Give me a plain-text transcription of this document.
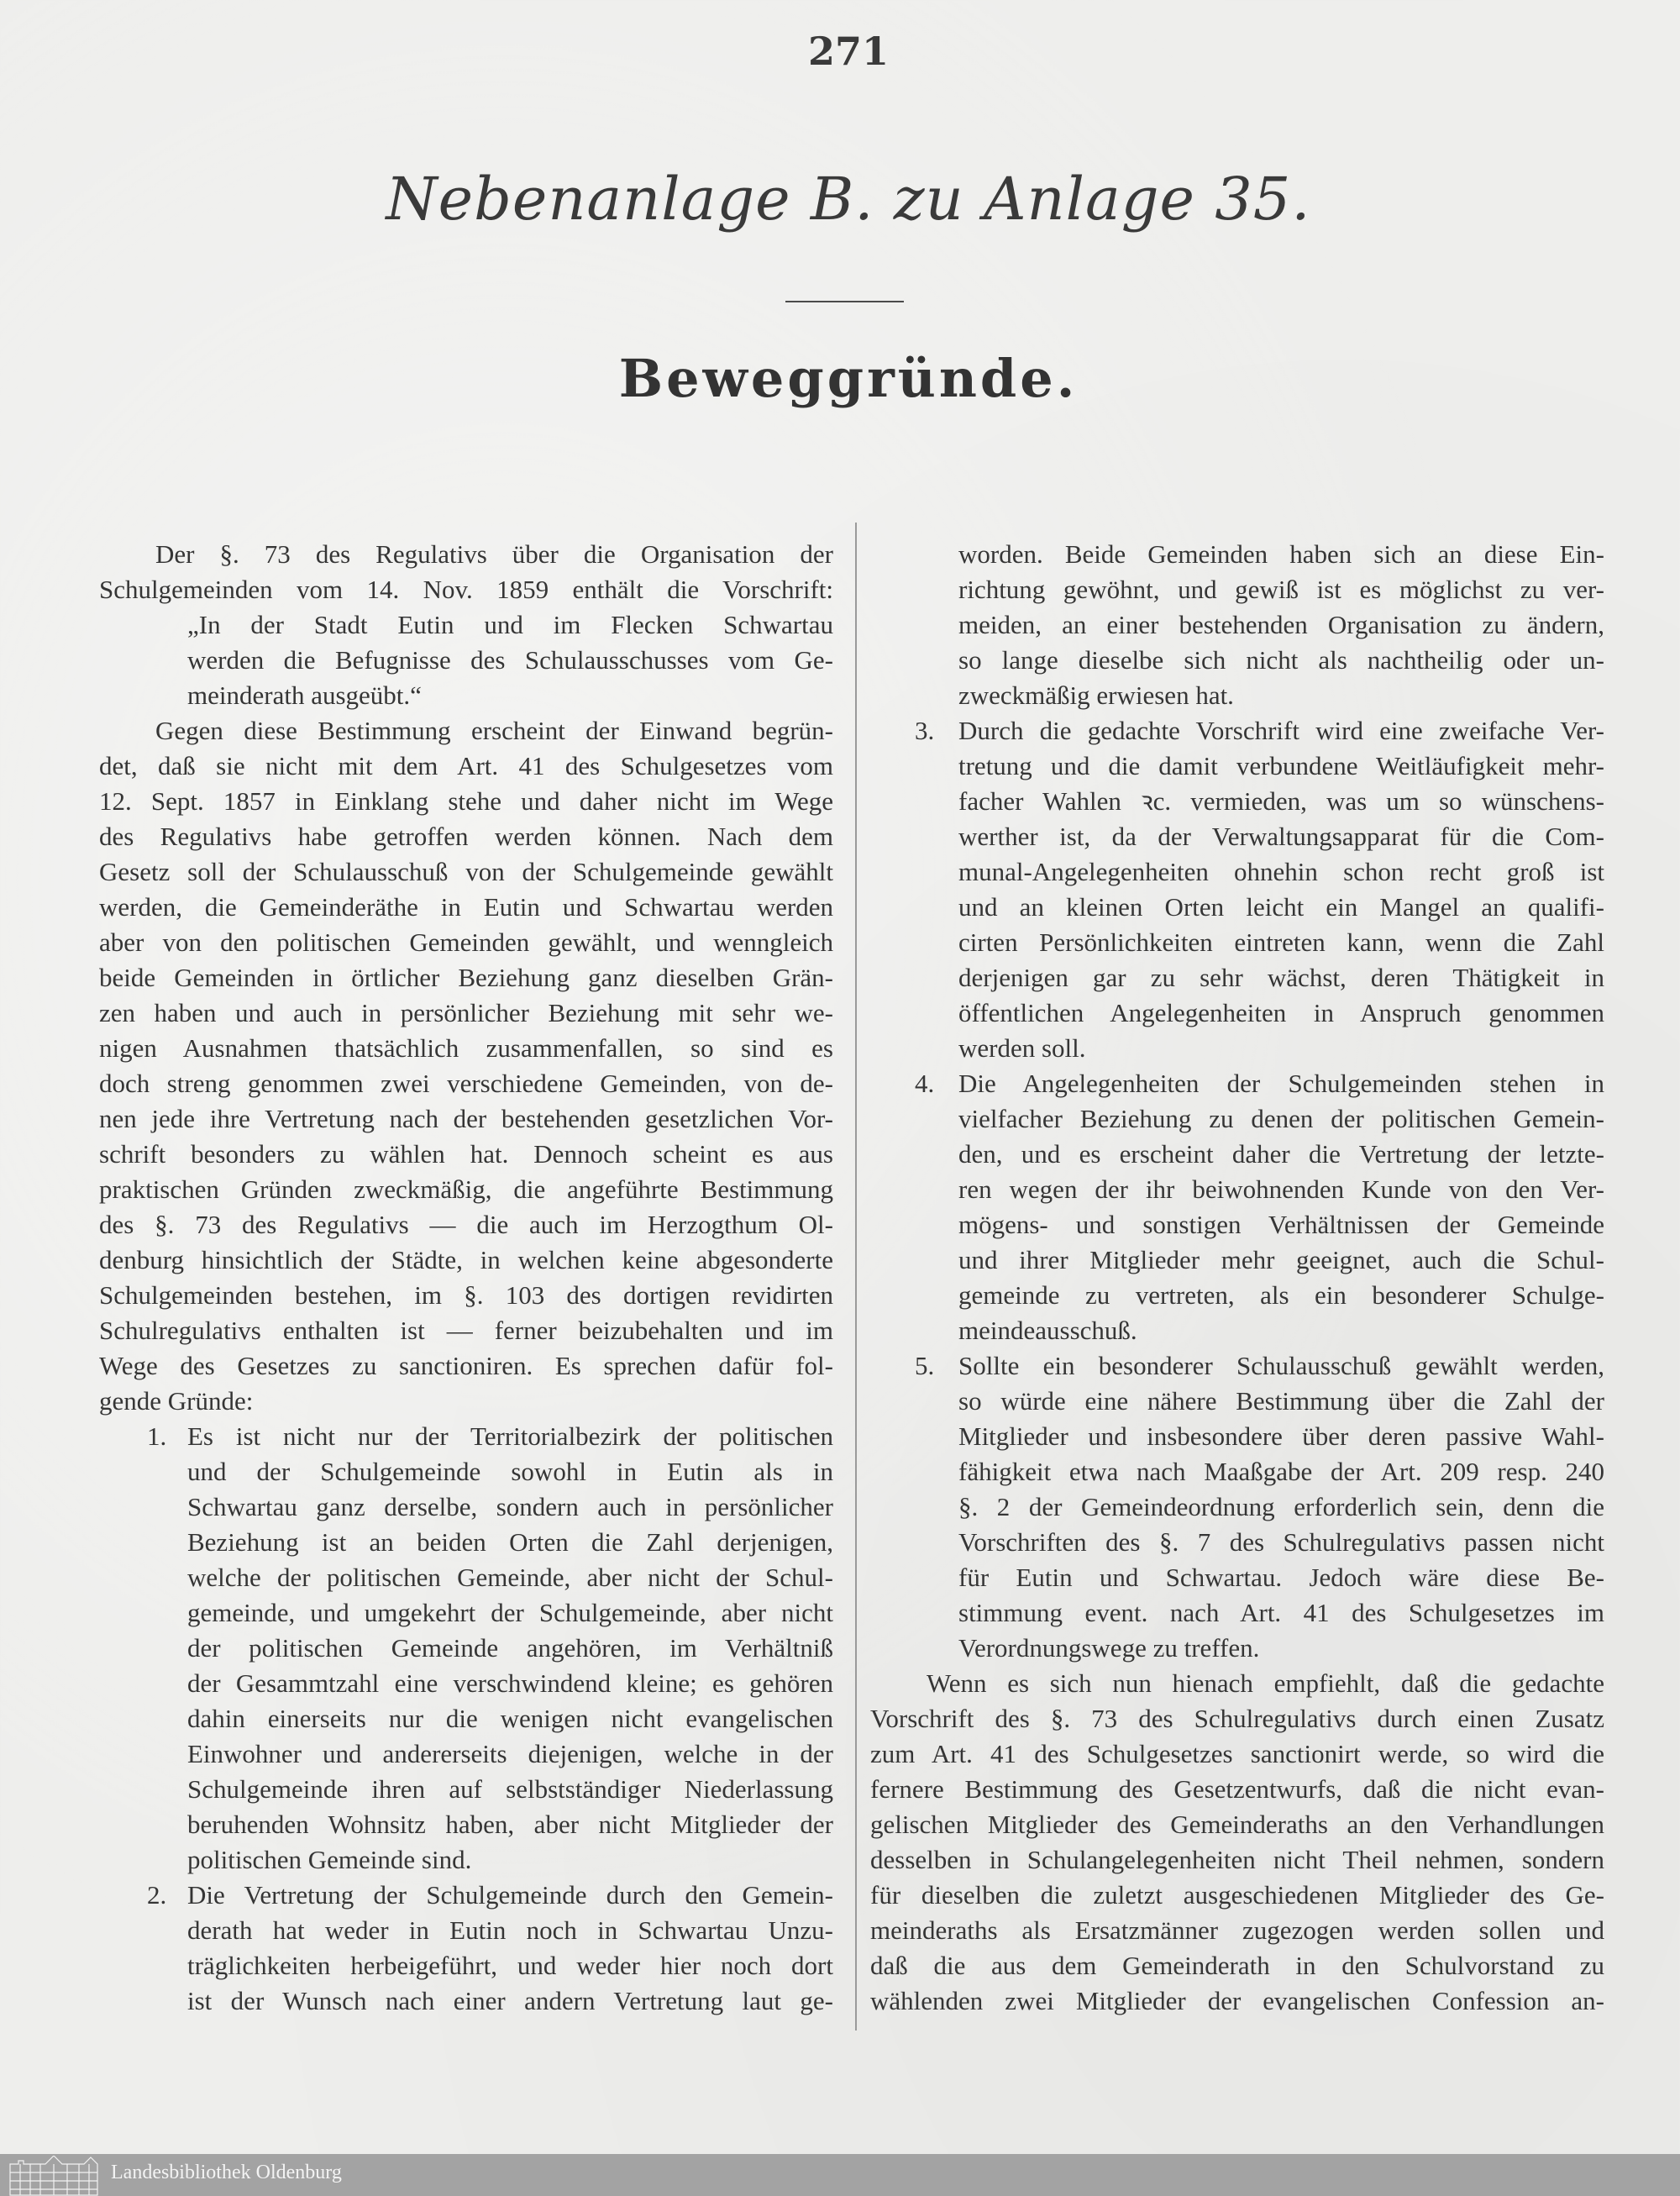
271
Nebenanlage B. zu Anlage 35.
Beweggründe.
Der §. 73 des Regulativs über die Organisation der
Schulgemeinden vom 14. Nov. 1859 enthält die Vorschrift:
„In der Stadt Eutin und im Flecken Schwartau
werden die Befugnisse des Schulausschusses vom Ge-
meinderath ausgeübt.“
Gegen diese Bestimmung erscheint der Einwand begrün-
det, daß sie nicht mit dem Art. 41 des Schulgesetzes vom
12. Sept. 1857 in Einklang stehe und daher nicht im Wege
des Regulativs habe getroffen werden können. Nach dem
Gesetz soll der Schulausschuß von der Schulgemeinde gewählt
werden, die Gemeinderäthe in Eutin und Schwartau werden
aber von den politischen Gemeinden gewählt, und wenngleich
beide Gemeinden in örtlicher Beziehung ganz dieselben Grän-
zen haben und auch in persönlicher Beziehung mit sehr we-
nigen Ausnahmen thatsächlich zusammenfallen, so sind es
doch streng genommen zwei verschiedene Gemeinden, von de-
nen jede ihre Vertretung nach der bestehenden gesetzlichen Vor-
schrift besonders zu wählen hat. Dennoch scheint es aus
praktischen Gründen zweckmäßig, die angeführte Bestimmung
des §. 73 des Regulativs — die auch im Herzogthum Ol-
denburg hinsichtlich der Städte, in welchen keine abgesonderte
Schulgemeinden bestehen, im §. 103 des dortigen revidirten
Schulregulativs enthalten ist — ferner beizubehalten und im
Wege des Gesetzes zu sanctioniren. Es sprechen dafür fol-
gende Gründe:
1. Es ist nicht nur der Territorialbezirk der politischen
und der Schulgemeinde sowohl in Eutin als in
Schwartau ganz derselbe, sondern auch in persönlicher
Beziehung ist an beiden Orten die Zahl derjenigen,
welche der politischen Gemeinde, aber nicht der Schul-
gemeinde, und umgekehrt der Schulgemeinde, aber nicht
der politischen Gemeinde angehören, im Verhältniß
der Gesammtzahl eine verschwindend kleine; es gehören
dahin einerseits nur die wenigen nicht evangelischen
Einwohner und andererseits diejenigen, welche in der
Schulgemeinde ihren auf selbstständiger Niederlassung
beruhenden Wohnsitz haben, aber nicht Mitglieder der
politischen Gemeinde sind.
2. Die Vertretung der Schulgemeinde durch den Gemein-
derath hat weder in Eutin noch in Schwartau Unzu-
träglichkeiten herbeigeführt, und weder hier noch dort
ist der Wunsch nach einer andern Vertretung laut ge-
worden. Beide Gemeinden haben sich an diese Ein-
richtung gewöhnt, und gewiß ist es möglichst zu ver-
meiden, an einer bestehenden Organisation zu ändern,
so lange dieselbe sich nicht als nachtheilig oder un-
zweckmäßig erwiesen hat.
3. Durch die gedachte Vorschrift wird eine zweifache Ver-
tretung und die damit verbundene Weitläufigkeit mehr-
facher Wahlen ꝛc. vermieden, was um so wünschens-
werther ist, da der Verwaltungsapparat für die Com-
munal-Angelegenheiten ohnehin schon recht groß ist
und an kleinen Orten leicht ein Mangel an qualifi-
cirten Persönlichkeiten eintreten kann, wenn die Zahl
derjenigen gar zu sehr wächst, deren Thätigkeit in
öffentlichen Angelegenheiten in Anspruch genommen
werden soll.
4. Die Angelegenheiten der Schulgemeinden stehen in
vielfacher Beziehung zu denen der politischen Gemein-
den, und es erscheint daher die Vertretung der letzte-
ren wegen der ihr beiwohnenden Kunde von den Ver-
mögens- und sonstigen Verhältnissen der Gemeinde
und ihrer Mitglieder mehr geeignet, auch die Schul-
gemeinde zu vertreten, als ein besonderer Schulge-
meindeausschuß.
5. Sollte ein besonderer Schulausschuß gewählt werden,
so würde eine nähere Bestimmung über die Zahl der
Mitglieder und insbesondere über deren passive Wahl-
fähigkeit etwa nach Maaßgabe der Art. 209 resp. 240
§. 2 der Gemeindeordnung erforderlich sein, denn die
Vorschriften des §. 7 des Schulregulativs passen nicht
für Eutin und Schwartau. Jedoch wäre diese Be-
stimmung event. nach Art. 41 des Schulgesetzes im
Verordnungswege zu treffen.
Wenn es sich nun hienach empfiehlt, daß die gedachte
Vorschrift des §. 73 des Schulregulativs durch einen Zusatz
zum Art. 41 des Schulgesetzes sanctionirt werde, so wird die
fernere Bestimmung des Gesetzentwurfs, daß die nicht evan-
gelischen Mitglieder des Gemeinderaths an den Verhandlungen
desselben in Schulangelegenheiten nicht Theil nehmen, sondern
für dieselben die zuletzt ausgeschiedenen Mitglieder des Ge-
meinderaths als Ersatzmänner zugezogen werden sollen und
daß die aus dem Gemeinderath in den Schulvorstand zu
wählenden zwei Mitglieder der evangelischen Confession an-
Landesbibliothek Oldenburg
